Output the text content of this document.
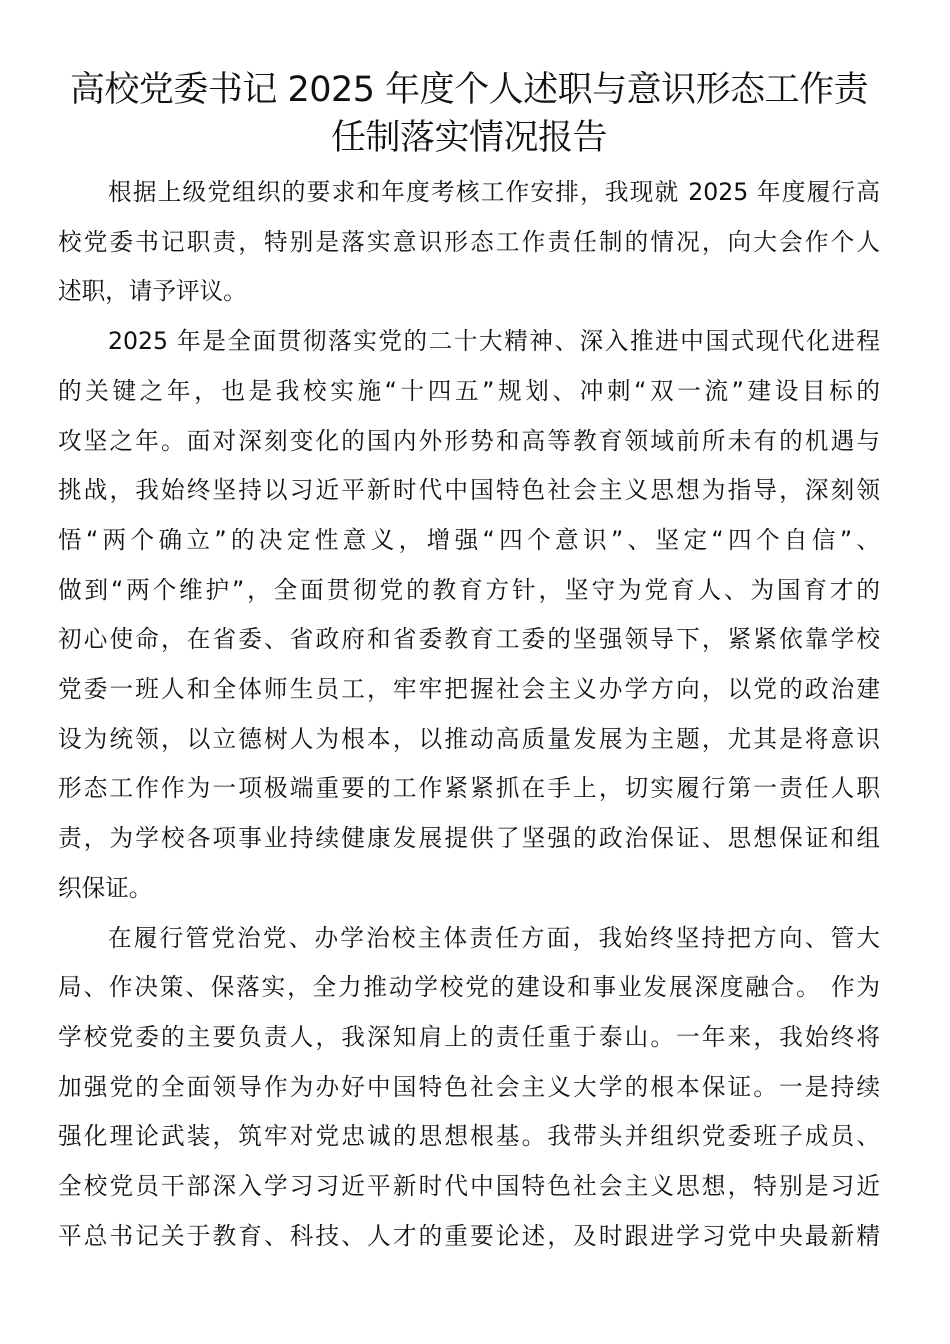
高校党委书记 2025 年度个人述职与意识形态工作责
任制落实情况报告
根据上级党组织的要求和年度考核工作安排，我现就 2025 年度履行高
校党委书记职责，特别是落实意识形态工作责任制的情况，向大会作个人
述职，请予评议。
2025 年是全面贯彻落实党的二十大精神、深入推进中国式现代化进程
的关键之年，也是我校实施“十四五”规划、冲刺“双一流”建设目标的
攻坚之年。面对深刻变化的国内外形势和高等教育领域前所未有的机遇与
挑战，我始终坚持以习近平新时代中国特色社会主义思想为指导，深刻领
悟“两个确立”的决定性意义，增强“四个意识”、坚定“四个自信”、
做到“两个维护”，全面贯彻党的教育方针，坚守为党育人、为国育才的
初心使命，在省委、省政府和省委教育工委的坚强领导下，紧紧依靠学校
党委一班人和全体师生员工，牢牢把握社会主义办学方向，以党的政治建
设为统领，以立德树人为根本，以推动高质量发展为主题，尤其是将意识
形态工作作为一项极端重要的工作紧紧抓在手上，切实履行第一责任人职
责，为学校各项事业持续健康发展提供了坚强的政治保证、思想保证和组
织保证。
在履行管党治党、办学治校主体责任方面，我始终坚持把方向、管大
局、作决策、保落实，全力推动学校党的建设和事业发展深度融合。 作为
学校党委的主要负责人，我深知肩上的责任重于泰山。一年来，我始终将
加强党的全面领导作为办好中国特色社会主义大学的根本保证。一是持续
强化理论武装，筑牢对党忠诚的思想根基。我带头并组织党委班子成员、
全校党员干部深入学习习近平新时代中国特色社会主义思想，特别是习近
平总书记关于教育、科技、人才的重要论述，及时跟进学习党中央最新精
